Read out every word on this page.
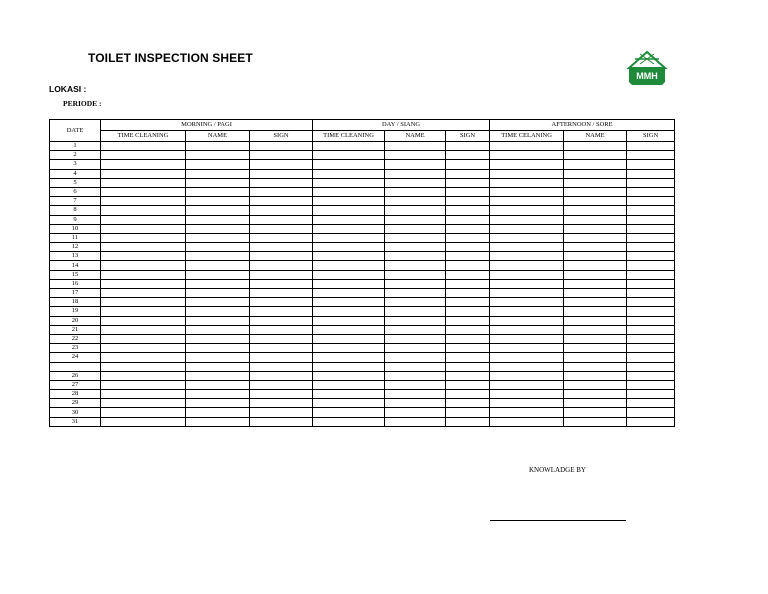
TOILET INSPECTION SHEET
LOKASI :
PERIODE :
MMH
DATE	MORNING / PAGI			DAY / SIANG			AFTERNOON / SORE		
	TIME CLEANING	NAME	SIGN	TIME CLEANING	NAME	SIGN	TIME CELANING	NAME	SIGN
1									
2									
3									
4									
5									
6									
7									
8									
9									
10									
11									
12									
13									
14									
15									
16									
17									
18									
19									
20									
21									
22									
23									
24									

26									
27									
28									
29									
30									
31									
KNOWLADGE BY
